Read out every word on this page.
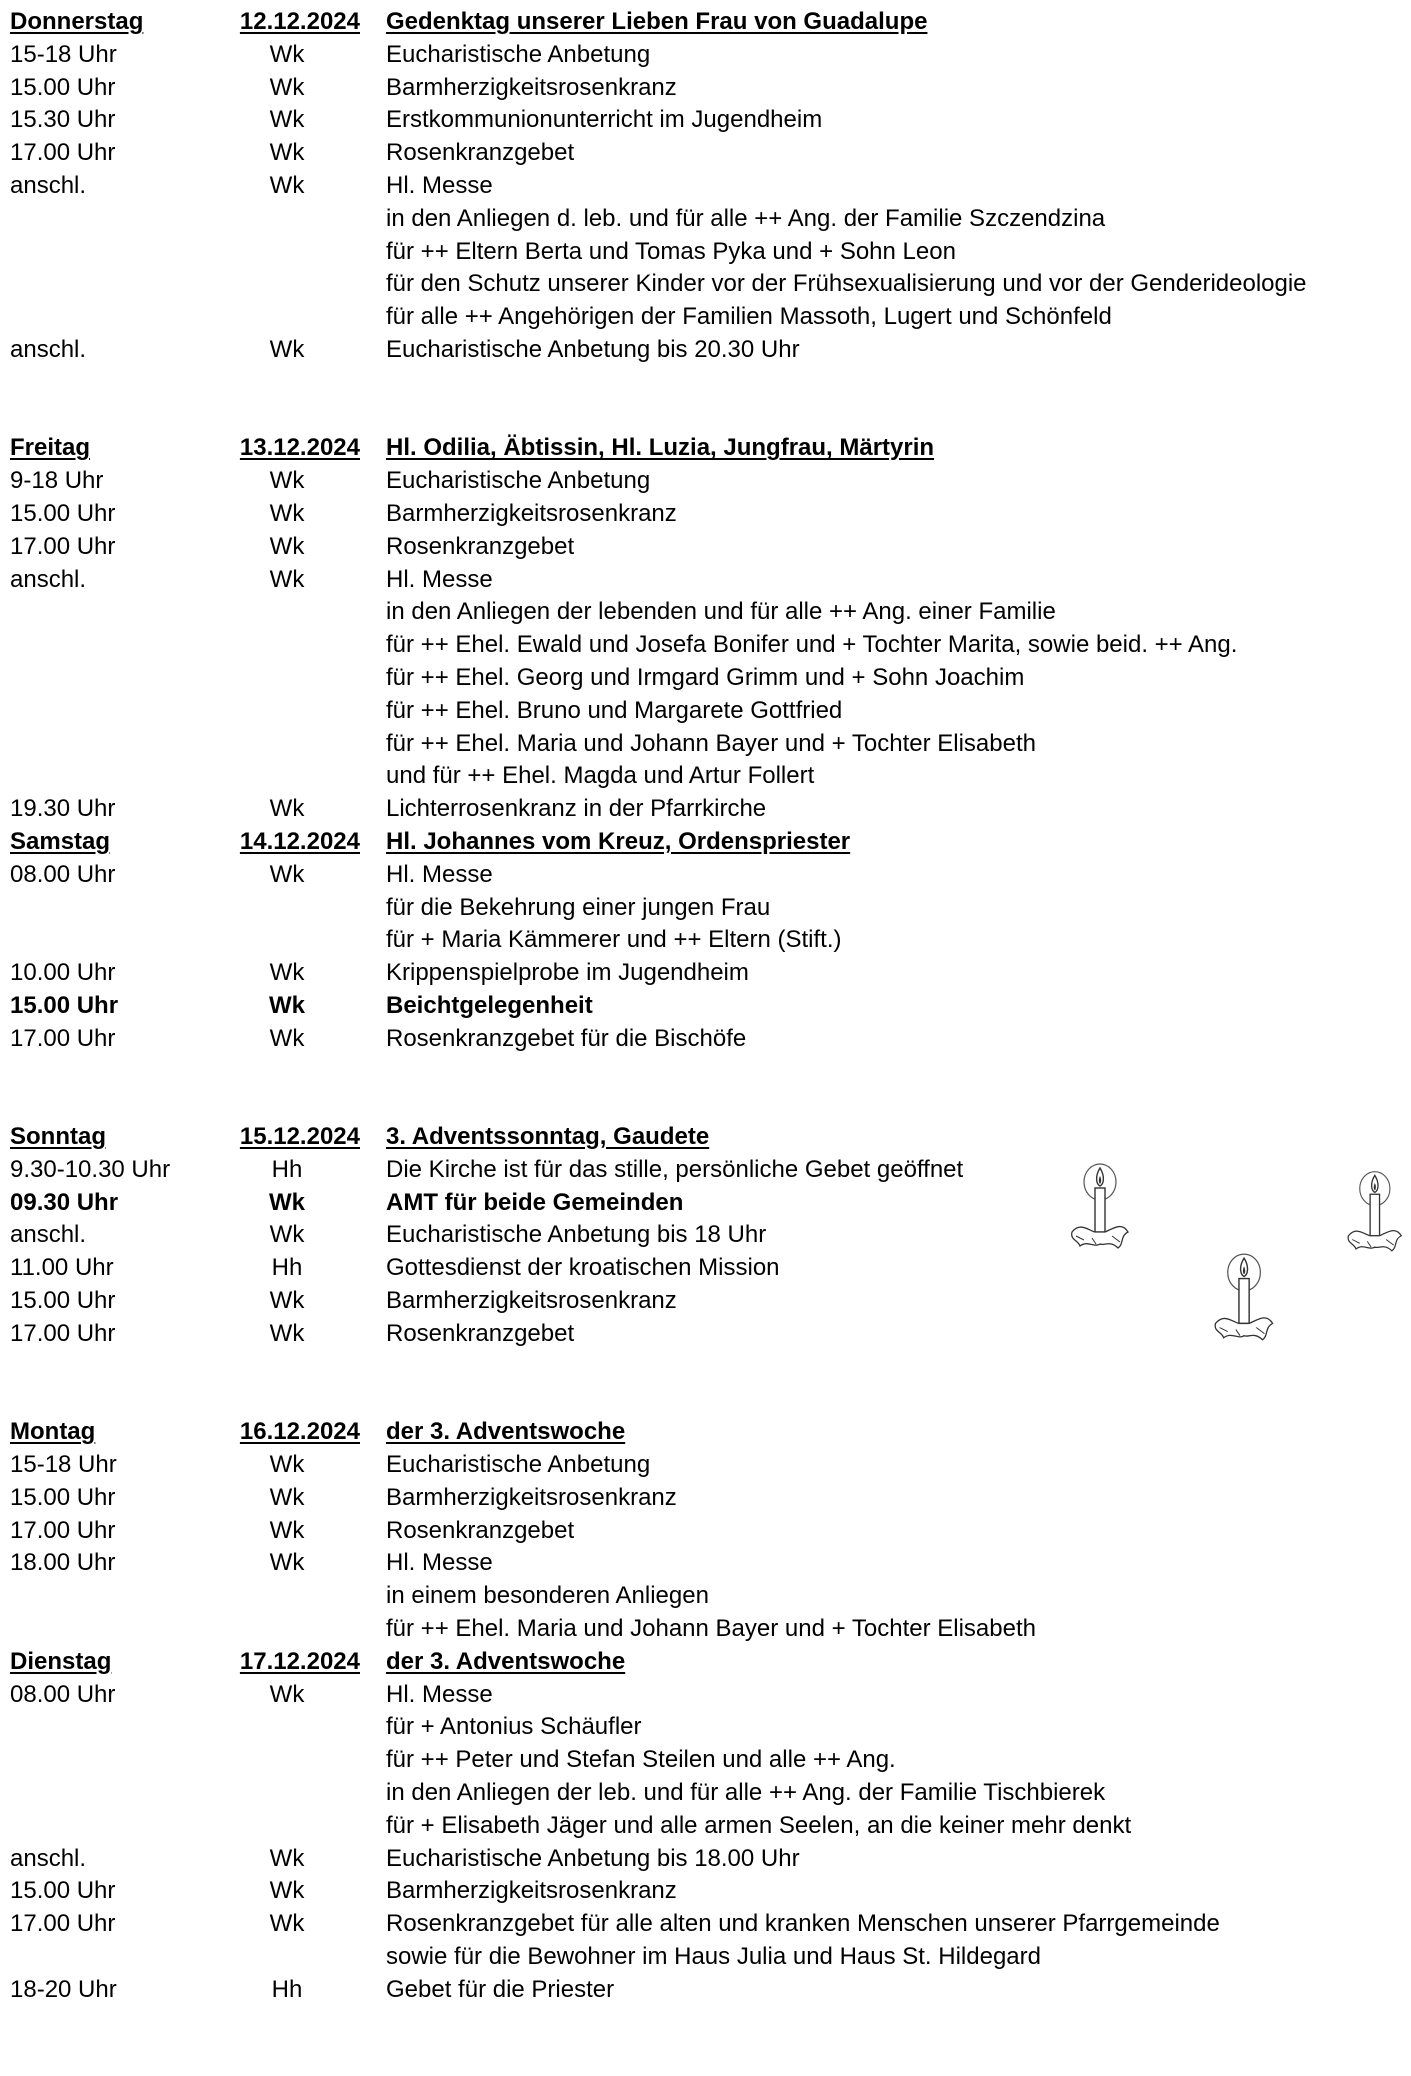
Donnerstag	12.12.2024	Gedenktag unserer Lieben Frau von Guadalupe
15-18 Uhr	Wk	Eucharistische Anbetung
15.00 Uhr	Wk	Barmherzigkeitsrosenkranz
15.30 Uhr	Wk	Erstkommunionunterricht im Jugendheim
17.00 Uhr	Wk	Rosenkranzgebet
anschl.	Wk	Hl. Messe
in den Anliegen d. leb. und für alle ++ Ang. der Familie Szczendzina
für ++ Eltern Berta und Tomas Pyka und + Sohn Leon
für den Schutz unserer Kinder vor der Frühsexualisierung und vor der Genderideologie
für alle ++ Angehörigen der Familien Massoth, Lugert und Schönfeld
anschl.	Wk	Eucharistische Anbetung bis 20.30 Uhr
Freitag	13.12.2024	Hl. Odilia, Äbtissin, Hl. Luzia, Jungfrau, Märtyrin
9-18 Uhr	Wk	Eucharistische Anbetung
15.00 Uhr	Wk	Barmherzigkeitsrosenkranz
17.00 Uhr	Wk	Rosenkranzgebet
anschl.	Wk	Hl. Messe
in den Anliegen der lebenden und für alle ++ Ang. einer Familie
für ++ Ehel. Ewald und Josefa Bonifer und + Tochter Marita, sowie beid. ++ Ang.
für ++ Ehel. Georg und Irmgard Grimm und + Sohn Joachim
für ++ Ehel. Bruno und Margarete Gottfried
für ++ Ehel. Maria und Johann Bayer und + Tochter Elisabeth
und für ++ Ehel. Magda und Artur Follert
19.30 Uhr	Wk	Lichterrosenkranz in der Pfarrkirche
Samstag	14.12.2024	Hl. Johannes vom Kreuz, Ordenspriester
08.00 Uhr	Wk	Hl. Messe
für die Bekehrung einer jungen Frau
für + Maria Kämmerer und ++ Eltern (Stift.)
10.00 Uhr	Wk	Krippenspielprobe im Jugendheim
15.00 Uhr	Wk	Beichtgelegenheit
17.00 Uhr	Wk	Rosenkranzgebet für die Bischöfe
Sonntag	15.12.2024	3. Adventssonntag, Gaudete
9.30-10.30 Uhr	Hh	Die Kirche ist für das stille, persönliche Gebet geöffnet
09.30 Uhr	Wk	AMT für beide Gemeinden
anschl.	Wk	Eucharistische Anbetung bis 18 Uhr
11.00 Uhr	Hh	Gottesdienst der kroatischen Mission
15.00 Uhr	Wk	Barmherzigkeitsrosenkranz
17.00 Uhr	Wk	Rosenkranzgebet
Montag	16.12.2024	der 3. Adventswoche
15-18 Uhr	Wk	Eucharistische Anbetung
15.00 Uhr	Wk	Barmherzigkeitsrosenkranz
17.00 Uhr	Wk	Rosenkranzgebet
18.00 Uhr	Wk	Hl. Messe
in einem besonderen Anliegen
für ++ Ehel. Maria und Johann Bayer und + Tochter Elisabeth
Dienstag	17.12.2024	der 3. Adventswoche
08.00 Uhr	Wk	Hl. Messe
für + Antonius Schäufler
für ++ Peter und Stefan Steilen und alle ++ Ang.
in den Anliegen der leb. und für alle ++ Ang. der Familie Tischbierek
für + Elisabeth Jäger und alle armen Seelen, an die keiner mehr denkt
anschl.	Wk	Eucharistische Anbetung bis 18.00 Uhr
15.00 Uhr	Wk	Barmherzigkeitsrosenkranz
17.00 Uhr	Wk	Rosenkranzgebet für alle alten und kranken Menschen unserer Pfarrgemeinde
sowie für die Bewohner im Haus Julia und Haus St. Hildegard
18-20 Uhr	Hh	Gebet für die Priester
